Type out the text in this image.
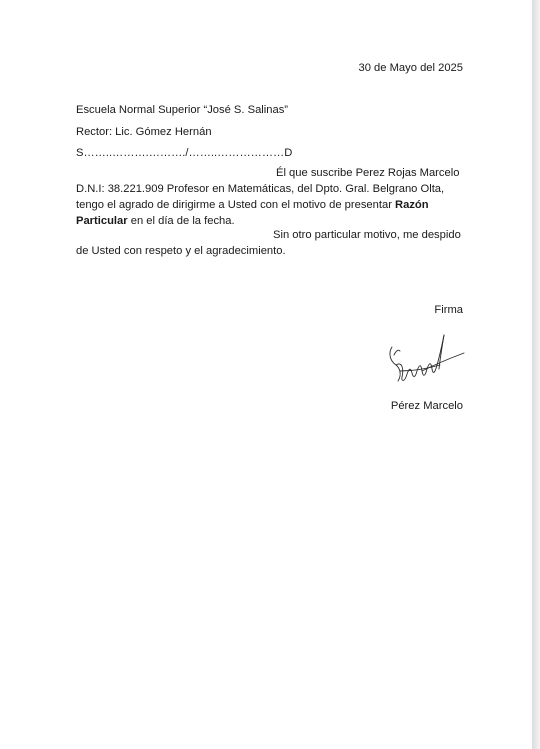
30 de Mayo del 2025
Escuela Normal Superior “José S. Salinas”
Rector: Lic. Gómez Hernán
S……..……….………./……..………………D
Él que suscribe Perez Rojas Marcelo
D.N.I: 38.221.909 Profesor en Matemáticas, del Dpto. Gral. Belgrano Olta,
tengo el agrado de dirigirme a Usted con el motivo de presentar Razón
Particular en el día de la fecha.
Sin otro particular motivo, me despido
de Usted con respeto y el agradecimiento.
Firma
Pérez Marcelo
